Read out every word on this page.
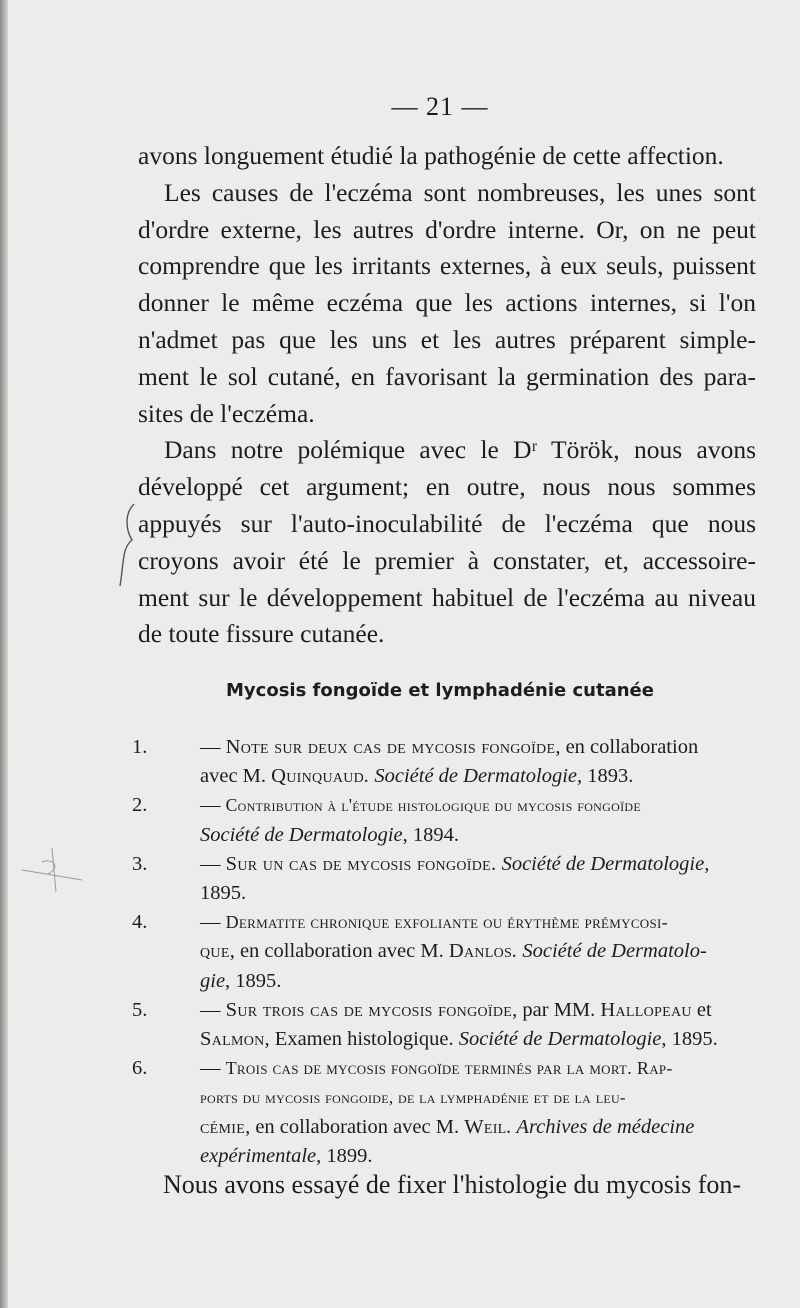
— 21 —
avons longuement étudié la pathogénie de cette affection.
Les causes de l'eczéma sont nombreuses, les unes sont
d'ordre externe, les autres d'ordre interne. Or, on ne peut
comprendre que les irritants externes, à eux seuls, puissent
donner le même eczéma que les actions internes, si l'on
n'admet pas que les uns et les autres préparent simple-
ment le sol cutané, en favorisant la germination des para-
sites de l'eczéma.
Dans notre polémique avec le Dʳ Török, nous avons
développé cet argument; en outre, nous nous sommes
appuyés sur l'auto-inoculabilité de l'eczéma que nous
croyons avoir été le premier à constater, et, accessoire-
ment sur le développement habituel de l'eczéma au niveau
de toute fissure cutanée.
Mycosis fongoïde et lymphadénie cutanée
1.	— Note sur deux cas de mycosis fongoïde, en collaboration
avec M. Quinquaud. Société de Dermatologie, 1893.
2.	— Contribution à l'étude histologique du mycosis fongoïde
Société de Dermatologie, 1894.
3.	— Sur un cas de mycosis fongoïde. Société de Dermatologie,
1895.
4.	— Dermatite chronique exfoliante ou érythème prémycosi-
que, en collaboration avec M. Danlos. Société de Dermatolo-
gie, 1895.
5.	— Sur trois cas de mycosis fongoïde, par MM. Hallopeau et
Salmon, Examen histologique. Société de Dermatologie, 1895.
6.	— Trois cas de mycosis fongoïde terminés par la mort. Rap-
ports du mycosis fongoide, de la lymphadénie et de la leu-
cémie, en collaboration avec M. Weil. Archives de médecine
expérimentale, 1899.
Nous avons essayé de fixer l'histologie du mycosis fon-
